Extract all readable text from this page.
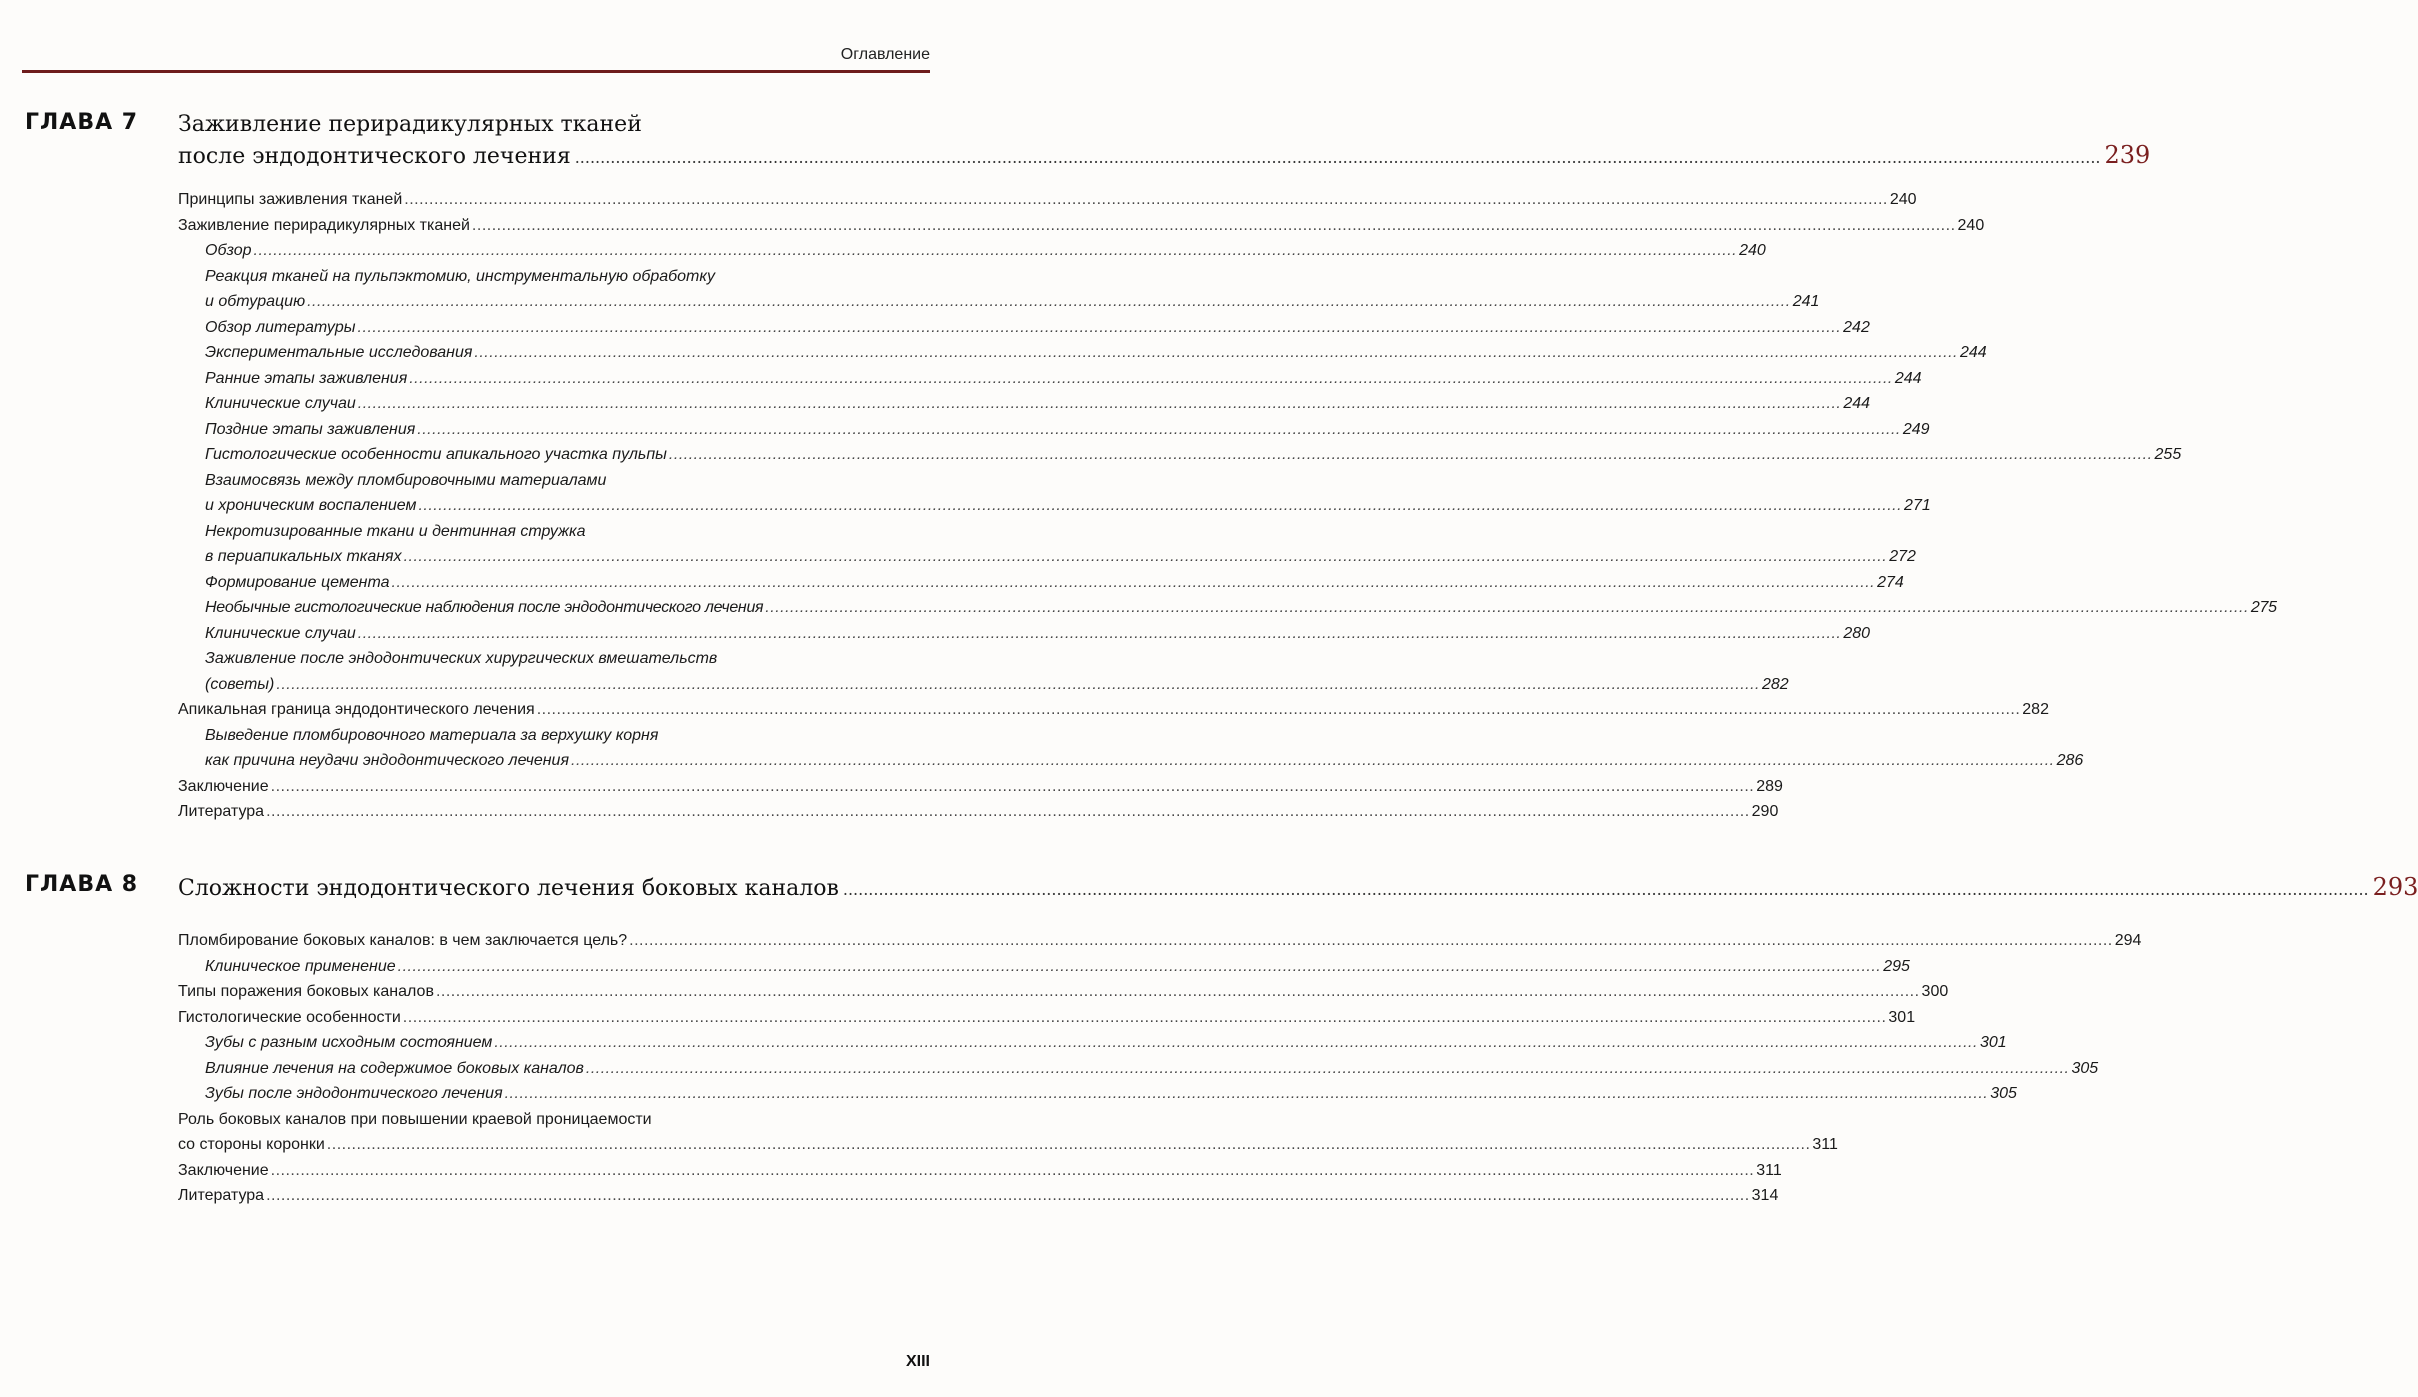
Оглавление
ГЛАВА 7 Заживление перирадикулярных тканей
после эндодонтического лечения ............................................................................................................................................................................................................................................................................................................ 239
Принципы заживления тканей ............................................................................................................................................................................................................................................................................................................ 240
Заживление перирадикулярных тканей ............................................................................................................................................................................................................................................................................................................ 240
Обзор ............................................................................................................................................................................................................................................................................................................ 240
Реакция тканей на пульпэктомию, инструментальную обработку
и обтурацию ............................................................................................................................................................................................................................................................................................................ 241
Обзор литературы ............................................................................................................................................................................................................................................................................................................ 242
Экспериментальные исследования ............................................................................................................................................................................................................................................................................................................ 244
Ранние этапы заживления ............................................................................................................................................................................................................................................................................................................ 244
Клинические случаи ............................................................................................................................................................................................................................................................................................................ 244
Поздние этапы заживления ............................................................................................................................................................................................................................................................................................................ 249
Гистологические особенности апикального участка пульпы ............................................................................................................................................................................................................................................................................................................ 255
Взаимосвязь между пломбировочными материалами
и хроническим воспалением ............................................................................................................................................................................................................................................................................................................ 271
Некротизированные ткани и дентинная стружка
в периапикальных тканях ............................................................................................................................................................................................................................................................................................................ 272
Формирование цемента ............................................................................................................................................................................................................................................................................................................ 274
Необычные гистологические наблюдения после эндодонтического лечения ............................................................................................................................................................................................................................................................................................................ 275
Клинические случаи ............................................................................................................................................................................................................................................................................................................ 280
Заживление после эндодонтических хирургических вмешательств
(советы) ............................................................................................................................................................................................................................................................................................................ 282
Апикальная граница эндодонтического лечения ............................................................................................................................................................................................................................................................................................................ 282
Выведение пломбировочного материала за верхушку корня
как причина неудачи эндодонтического лечения ............................................................................................................................................................................................................................................................................................................ 286
Заключение ............................................................................................................................................................................................................................................................................................................ 289
Литература ............................................................................................................................................................................................................................................................................................................ 290
ГЛАВА 8 Сложности эндодонтического лечения боковых каналов ............................................................................................................................................................................................................................................................................................................ 293
Пломбирование боковых каналов: в чем заключается цель? ............................................................................................................................................................................................................................................................................................................ 294
Клиническое применение ............................................................................................................................................................................................................................................................................................................ 295
Типы поражения боковых каналов ............................................................................................................................................................................................................................................................................................................ 300
Гистологические особенности ............................................................................................................................................................................................................................................................................................................ 301
Зубы с разным исходным состоянием ............................................................................................................................................................................................................................................................................................................ 301
Влияние лечения на содержимое боковых каналов ............................................................................................................................................................................................................................................................................................................ 305
Зубы после эндодонтического лечения ............................................................................................................................................................................................................................................................................................................ 305
Роль боковых каналов при повышении краевой проницаемости
со стороны коронки ............................................................................................................................................................................................................................................................................................................ 311
Заключение ............................................................................................................................................................................................................................................................................................................ 311
Литература ............................................................................................................................................................................................................................................................................................................ 314
XIII
